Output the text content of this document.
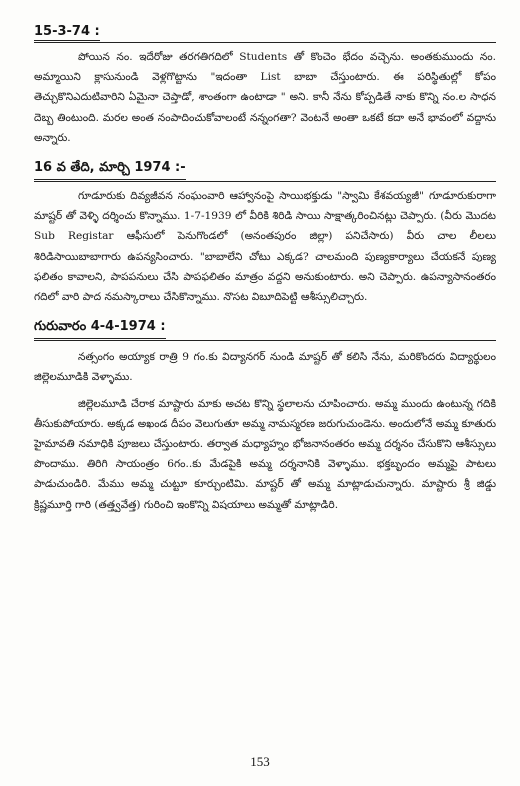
15-3-74 :

పోయిన నం. ఇదేరోజు తరగతిగదిలో Students తో కొంచెం భేదం వచ్చెను. అంతకుముందు నం. అమ్మాయిని క్లాసునుండి వెళ్లగొట్టాను "ఇదంతా List బాబా చేస్తుంటారు. ఈ పరిస్థితుల్లో కోపం తెచ్చుకొనిఎదుటివారిని ఏమైనా చెప్తాడో, శాంతంగా ఉంటాడా " అని. కానీ నేను కోప్పడితే నాకు కొన్ని నం.ల సాధన దెబ్బ తింటుంది. మరల అంత నంపాదించుకోవాలంటే నన్నంగతా? వెంటనే అంతా ఒకటే కదా అనే భావంలో వద్దాను అన్నారు.

16 వ తేది, మార్చి 1974 :-

గూడూరుకు దివ్యజీవన నంఘంవారి ఆహ్వానంపై సాయిభక్తుడు "స్వామి కేశవయ్యజీ" గూడూరుకురాగా మాష్టర్ తో వెళ్ళి దర్శించు కొన్నాము. 1-7-1939 లో వీరికి శిరిడి సాయి సాక్షాత్కరించినట్లు చెప్పారు. (వీరు మొదట Sub Registar ఆఫీసులో పెనుగొండలో (అనంతపురం జిల్లా) పనిచేసారు) వీరు చాల లీలలు శిరిడిసాయిబాబాగారు ఉపన్యసించారు. "బాబాలేని చోటు ఎక్కడ? చాలమంది పుణ్యకార్యాలు చేయకనే పుణ్య ఫలితం కావాలని, పాపపనులు చేసి పాపఫలితం మాత్రం వద్దని అనుకుంటారు. అని చెప్పారు. ఉపన్యాసానంతరం గదిలో వారి పాద నమస్కారాలు చేసికొన్నాము. నొసట విబూదిపెట్టి ఆశీస్సులిచ్చారు.

గురువారం 4-4-1974 :

నత్సంగం అయ్యాక రాత్రి 9 గం.కు విద్యానగర్ నుండి మాష్టర్ తో కలిసి నేను, మరికొందరు విద్యార్థులం జిల్లెలమూడికి వెళ్ళాము.

జిల్లెలమూడి చేరాక మాష్టారు మాకు అచట కొన్ని స్థలాలను చూపించారు. అమ్మ ముందు ఉంటున్న గదికి తీసుకుపోయారు. అక్కడ అఖండ దీపం వెలుగుతూ అమ్మ నామస్మరణ జరుగుచుండెను. అందులోనే అమ్మ కూతురు హైమావతి నమాధికి పూజలు చేస్తుంటారు. తర్వాత మధ్యాహ్నం భోజనానంతరం అమ్మ దర్శనం చేసుకొని ఆశీస్సులు పొందాము. తిరిగి సాయంత్రం 6గం..కు మేడపైకి అమ్మ దర్శనానికి వెళ్ళాము. భక్తబృందం అమ్మపై పాటలు పాడుచుండిరి. మేము అమ్మ చుట్టూ కూర్చుంటిమి. మాష్టర్ తో అమ్మ మాట్లాడుచున్నారు. మాష్టారు శ్రీ జిడ్డు క్రిష్ణమూర్తి గారి (తత్త్వవేత్త) గురించి ఇంకొన్ని విషయాలు అమ్మతో మాట్లాడిరి.

153
